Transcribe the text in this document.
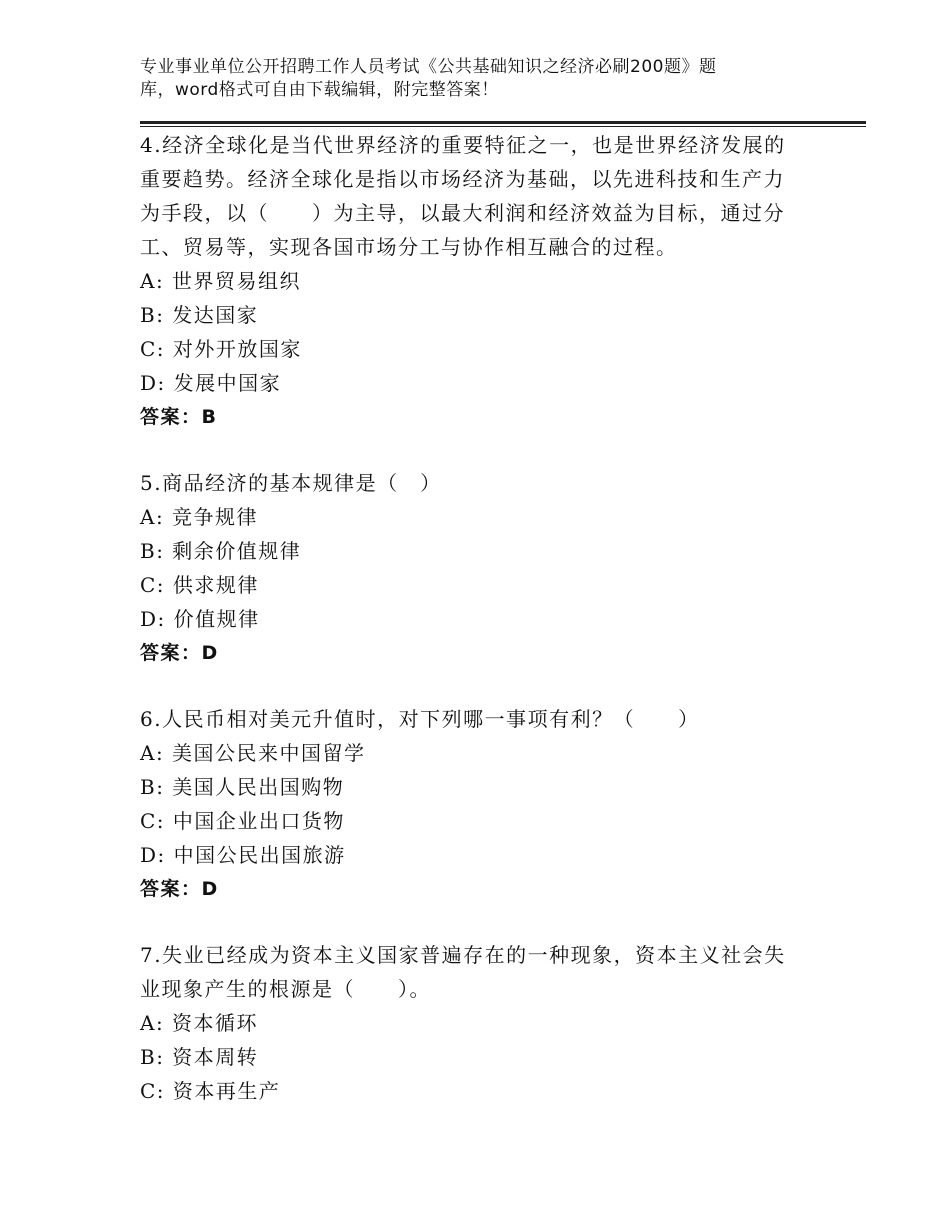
专业事业单位公开招聘工作人员考试《公共基础知识之经济必刷200题》题
库，word格式可自由下载编辑，附完整答案！

4.经济全球化是当代世界经济的重要特征之一，也是世界经济发展的

重要趋势。经济全球化是指以市场经济为基础，以先进科技和生产力

为手段，以（　　）为主导，以最大利润和经济效益为目标，通过分

工、贸易等，实现各国市场分工与协作相互融合的过程。

A: 世界贸易组织

B: 发达国家

C: 对外开放国家

D: 发展中国家

答案：B

5.商品经济的基本规律是（　）

A: 竞争规律

B: 剩余价值规律

C: 供求规律

D: 价值规律

答案：D

6.人民币相对美元升值时，对下列哪一事项有利？（　　）

A: 美国公民来中国留学

B: 美国人民出国购物

C: 中国企业出口货物

D: 中国公民出国旅游

答案：D

7.失业已经成为资本主义国家普遍存在的一种现象，资本主义社会失

业现象产生的根源是（　　）。

A: 资本循环

B: 资本周转

C: 资本再生产
